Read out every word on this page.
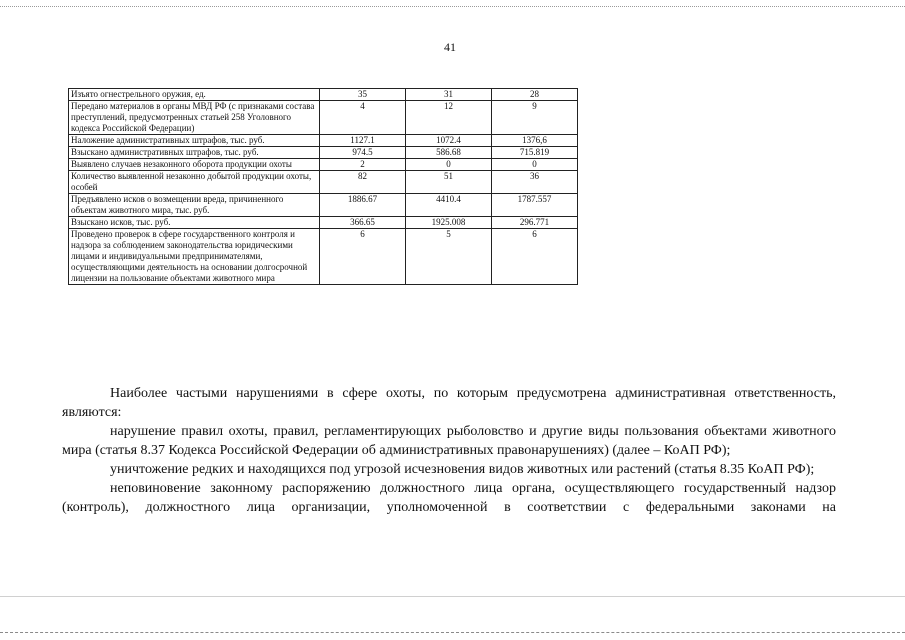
41
Изъято огнестрельного оружия, ед.	35	31	28
Передано материалов в органы МВД РФ (с признаками состава преступлений, предусмотренных статьей 258 Уголовного кодекса Российской Федерации)	4	12	9
Наложение административных штрафов, тыс. руб.	1127.1	1072.4	1376,6
Взыскано административных штрафов, тыс. руб.	974.5	586.68	715.819
Выявлено случаев незаконного оборота продукции охоты	2	0	0
Количество выявленной незаконно добытой продукции охоты, особей	82	51	36
Предъявлено исков о возмещении вреда, причиненного объектам животного мира, тыс. руб.	1886.67	4410.4	1787.557
Взыскано исков, тыс. руб.	366.65	1925.008	296.771
Проведено проверок в сфере государственного контроля и надзора за соблюдением законодательства юридическими лицами и индивидуальными предпринимателями, осуществляющими деятельность на основании долгосрочной лицензии на пользование объектами животного мира	6	5	6

Наиболее частыми нарушениями в сфере охоты, по которым предусмотрена административная ответственность, являются:

нарушение правил охоты, правил, регламентирующих рыболовство и другие виды пользования объектами животного мира (статья 8.37 Кодекса Российской Федерации об административных правонарушениях) (далее – КоАП РФ);

уничтожение редких и находящихся под угрозой исчезновения видов животных или растений (статья 8.35 КоАП РФ);

неповиновение законному распоряжению должностного лица органа, осуществляющего государственный надзор (контроль), должностного лица организации, уполномоченной в соответствии с федеральными законами на
